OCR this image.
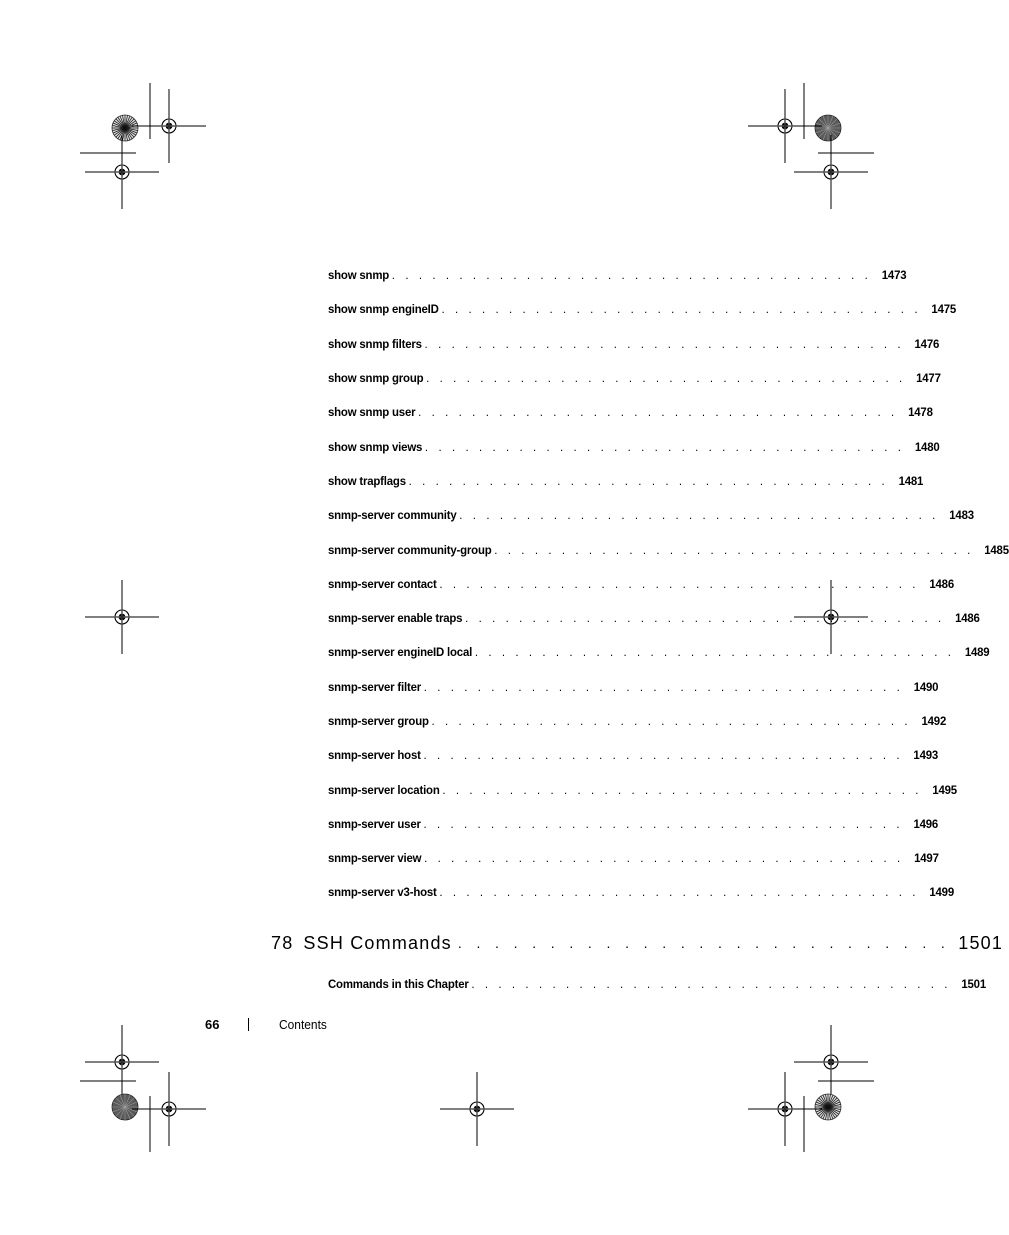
show snmp . . . . . . . . . . . . . . . . . . . . . . . . . . . . . . . . . . . . 1473
show snmp engineID . . . . . . . . . . . . . . . . . . . . . . . . . . . . . . . . . . . . 1475
show snmp filters . . . . . . . . . . . . . . . . . . . . . . . . . . . . . . . . . . . . 1476
show snmp group . . . . . . . . . . . . . . . . . . . . . . . . . . . . . . . . . . . . 1477
show snmp user . . . . . . . . . . . . . . . . . . . . . . . . . . . . . . . . . . . . 1478
show snmp views . . . . . . . . . . . . . . . . . . . . . . . . . . . . . . . . . . . . 1480
show trapflags . . . . . . . . . . . . . . . . . . . . . . . . . . . . . . . . . . . . 1481
snmp-server community . . . . . . . . . . . . . . . . . . . . . . . . . . . . . . . . . . . . 1483
snmp-server community-group . . . . . . . . . . . . . . . . . . . . . . . . . . . . . . . . . . . . 1485
snmp-server contact . . . . . . . . . . . . . . . . . . . . . . . . . . . . . . . . . . . . 1486
snmp-server enable traps . . . . . . . . . . . . . . . . . . . . . . . . . . . . . . . . . . . . 1486
snmp-server engineID local . . . . . . . . . . . . . . . . . . . . . . . . . . . . . . . . . . . . 1489
snmp-server filter . . . . . . . . . . . . . . . . . . . . . . . . . . . . . . . . . . . . 1490
snmp-server group . . . . . . . . . . . . . . . . . . . . . . . . . . . . . . . . . . . . 1492
snmp-server host . . . . . . . . . . . . . . . . . . . . . . . . . . . . . . . . . . . . 1493
snmp-server location . . . . . . . . . . . . . . . . . . . . . . . . . . . . . . . . . . . . 1495
snmp-server user . . . . . . . . . . . . . . . . . . . . . . . . . . . . . . . . . . . . 1496
snmp-server view . . . . . . . . . . . . . . . . . . . . . . . . . . . . . . . . . . . . 1497
snmp-server v3-host . . . . . . . . . . . . . . . . . . . . . . . . . . . . . . . . . . . . 1499
78 SSH Commands . . . . . . . . . . . . . . . . . . . . . . . . . . . 1501
Commands in this Chapter . . . . . . . . . . . . . . . . . . . . . . . . . . . . . . . . . . . . 1501
66	Contents
